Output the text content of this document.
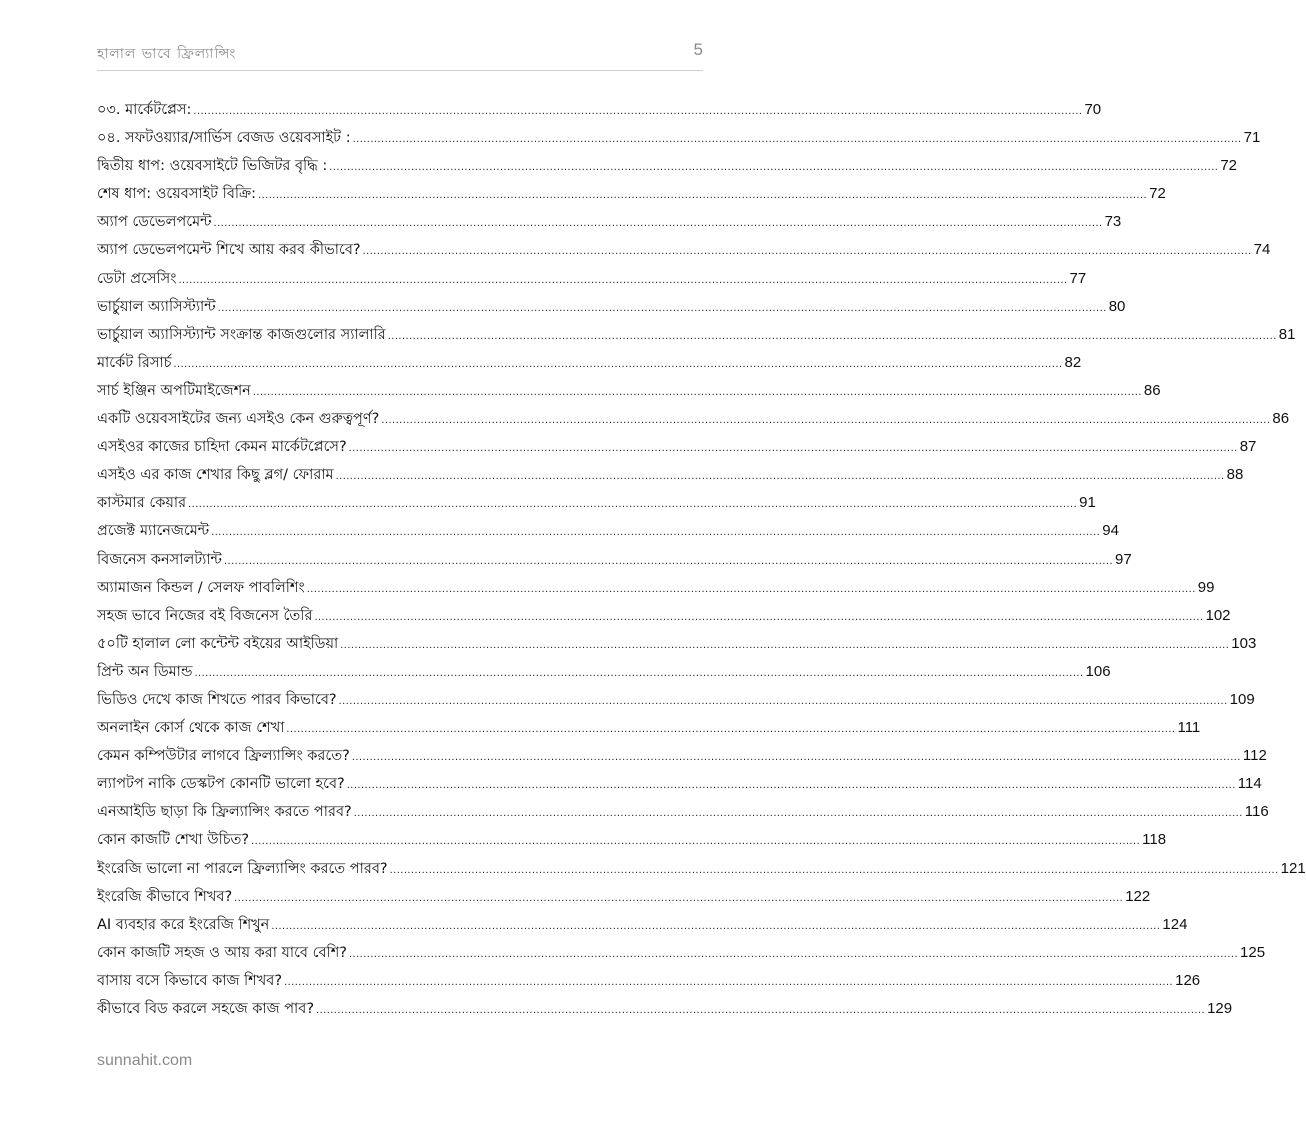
হালাল ভাবে ফ্রিল্যান্সিং	5
০৩. মার্কেটপ্লেস: .....	70
০৪. সফটওয়্যার/সার্ভিস বেজড ওয়েবসাইট : .....	71
দ্বিতীয় ধাপ: ওয়েবসাইটে ভিজিটর বৃদ্ধি : .....	72
শেষ ধাপ: ওয়েবসাইট বিক্রি: .....	72
অ্যাপ ডেভেলপমেন্ট .....	73
অ্যাপ ডেভেলপমেন্ট শিখে আয় করব কীভাবে? .....	74
ডেটা প্রসেসিং .....	77
ভার্চুয়াল অ্যাসিস্ট্যান্ট .....	80
ভার্চুয়াল অ্যাসিস্ট্যান্ট সংক্রান্ত কাজগুলোর স্যালারি .....	81
মার্কেট রিসার্চ .....	82
সার্চ ইঞ্জিন অপটিমাইজেশন .....	86
একটি ওয়েবসাইটের জন্য এসইও কেন গুরুত্বপূর্ণ? .....	86
এসইওর কাজের চাহিদা কেমন মার্কেটপ্লেসে? .....	87
এসইও এর কাজ শেখার কিছু ব্লগ/ ফোরাম .....	88
কাস্টমার কেয়ার .....	91
প্রজেক্ট ম্যানেজমেন্ট .....	94
বিজনেস কনসালট্যান্ট .....	97
অ্যামাজন কিন্ডল / সেলফ পাবলিশিং .....	99
সহজ ভাবে নিজের বই বিজনেস তৈরি .....	102
৫০টি হালাল লো কন্টেন্ট বইয়ের আইডিয়া .....	103
প্রিন্ট অন ডিমান্ড .....	106
ভিডিও দেখে কাজ শিখতে পারব কিভাবে? .....	109
অনলাইন কোর্স থেকে কাজ শেখা .....	111
কেমন কম্পিউটার লাগবে ফ্রিল্যান্সিং করতে? .....	112
ল্যাপটপ নাকি ডেস্কটপ কোনটি ভালো হবে? .....	114
এনআইডি ছাড়া কি ফ্রিল্যান্সিং করতে পারব? .....	116
কোন কাজটি শেখা উচিত? .....	118
ইংরেজি ভালো না পারলে ফ্রিল্যান্সিং করতে পারব? .....	121
ইংরেজি কীভাবে শিখব? .....	122
AI ব্যবহার করে ইংরেজি শিখুন .....	124
কোন কাজটি সহজ ও আয় করা যাবে বেশি? .....	125
বাসায় বসে কিভাবে কাজ শিখব? .....	126
কীভাবে বিড করলে সহজে কাজ পাব? .....	129
sunnahit.com
